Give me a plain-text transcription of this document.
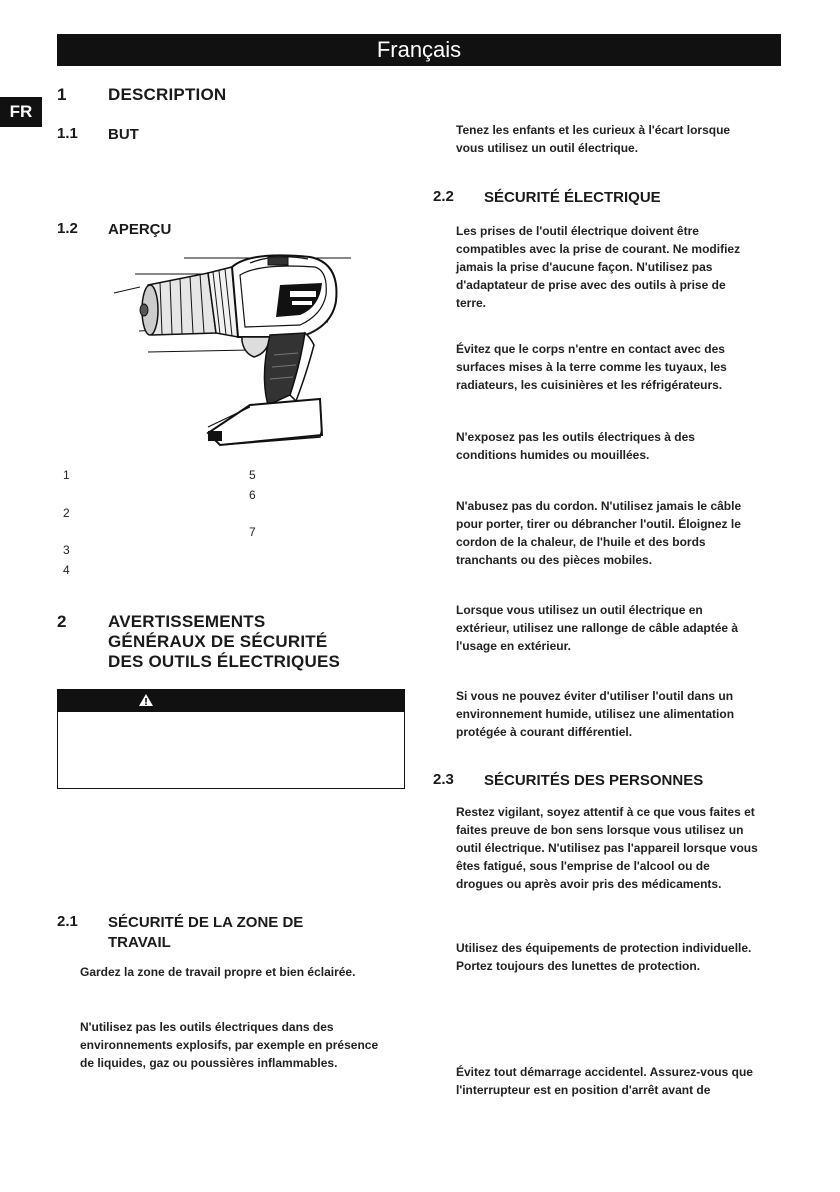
Français
FR
1 DESCRIPTION
1.1 BUT
1.2 APERÇU
1
2
3
4
5
6
7
2 AVERTISSEMENTS
GÉNÉRAUX DE SÉCURITÉ
DES OUTILS ÉLECTRIQUES
2.1 SÉCURITÉ DE LA ZONE DE
TRAVAIL
Gardez la zone de travail propre et bien éclairée.
N'utilisez pas les outils électriques dans des
environnements explosifs, par exemple en présence
de liquides, gaz ou poussières inflammables.
Tenez les enfants et les curieux à l'écart lorsque
vous utilisez un outil électrique.
2.2 SÉCURITÉ ÉLECTRIQUE
Les prises de l'outil électrique doivent être
compatibles avec la prise de courant. Ne modifiez
jamais la prise d'aucune façon. N'utilisez pas
d'adaptateur de prise avec des outils à prise de
terre.
Évitez que le corps n'entre en contact avec des
surfaces mises à la terre comme les tuyaux, les
radiateurs, les cuisinières et les réfrigérateurs.
N'exposez pas les outils électriques à des
conditions humides ou mouillées.
N'abusez pas du cordon. N'utilisez jamais le câble
pour porter, tirer ou débrancher l'outil. Éloignez le
cordon de la chaleur, de l'huile et des bords
tranchants ou des pièces mobiles.
Lorsque vous utilisez un outil électrique en
extérieur, utilisez une rallonge de câble adaptée à
l'usage en extérieur.
Si vous ne pouvez éviter d'utiliser l'outil dans un
environnement humide, utilisez une alimentation
protégée à courant différentiel.
2.3 SÉCURITÉS DES PERSONNES
Restez vigilant, soyez attentif à ce que vous faites et
faites preuve de bon sens lorsque vous utilisez un
outil électrique. N'utilisez pas l'appareil lorsque vous
êtes fatigué, sous l'emprise de l'alcool ou de
drogues ou après avoir pris des médicaments.
Utilisez des équipements de protection individuelle.
Portez toujours des lunettes de protection.
Évitez tout démarrage accidentel. Assurez-vous que
l'interrupteur est en position d'arrêt avant de
